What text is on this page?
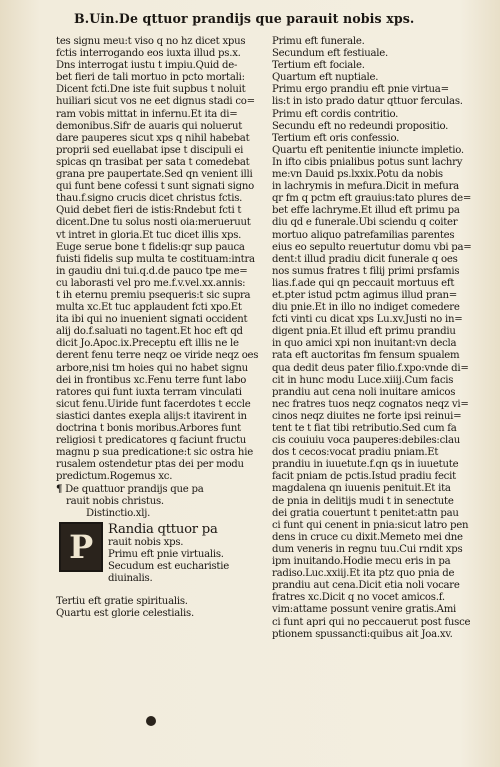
B.Uin.De qttuor prandijs que parauit nobis xps.
tes signu meu:t viso q no hz dicet xpus
fctis interrogando eos iuxta illud ps.x.
Dns interrogat iustu t impiu.Quid de-
bet fieri de tali mortuo in pcto mortali:
Dicent fcti.Dne iste fuit supbus t noluit
huiliari sicut vos ne eet dignus stadi co=
ram vobis mittat in infernu.Et ita di=
demonibus.Sifr de auaris qui noluerut
dare pauperes sicut xps q nihil habebat
proprii sed euellabat ipse t discipuli ei
spicas qn trasibat per sata t comedebat
grana pre paupertate.Sed qn venient illi
qui funt bene cofessi t sunt signati signo
thau.f.signo crucis dicet christus fctis.
Quid debet fieri de istis:Rndebut fcti t
dicent.Dne tu solus nosti oia:merueruut
vt intret in gloria.Et tuc dicet illis xps.
Euge serue bone t fidelis:qr sup pauca
fuisti fidelis sup multa te costituam:intra
in gaudiu dni tui.q.d.de pauco tpe me=
cu laborasti vel pro me.f.v.vel.xx.annis:
t ih eternu premiu psequeris:t sic supra
multa xc.Et tuc applaudent fcti xpo.Et
ita ibi qui no inuenient signati occident
alij do.f.saluati no tagent.Et hoc eft qd
dicit Jo.Apoc.ix.Preceptu eft illis ne le
derent fenu terre neqz oe viride neqz oes
arbore,nisi tm hoies qui no habet signu
dei in frontibus xc.Fenu terre funt labo
ratores qui funt iuxta terram vinculati
sicut fenu.Uiride funt facerdotes t eccle
siastici dantes exepla alijs:t itavirent in
doctrina t bonis moribus.Arbores funt
religiosi t predicatores q faciunt fructu
magnu p sua predicatione:t sic ostra hie
rusalem ostendetur ptas dei per modu
predictum.Rogemus xc.
¶ De quattuor prandijs que pa
rauit nobis christus.
Distinctio.xlj.
P Randia qttuor pa
rauit nobis xps.
Primu eft pnie virtualis.
Secudum est eucharistie
diuinalis.
Tertiu eft gratie spiritualis.
Quartu est glorie celestialis.
Primu eft funerale.
Secundum eft festiuale.
Tertium eft fociale.
Quartum eft nuptiale.
Primu ergo prandiu eft pnie virtua=
lis:t in isto prado datur qttuor ferculas.
Primu eft cordis contritio.
Secundu eft no redeundi propositio.
Tertium eft oris confessio.
Quartu eft penitentie iniuncte impletio.
In ifto cibis pnialibus potus sunt lachry
me:vn Dauid ps.lxxix.Potu da nobis
in lachrymis in mefura.Dicit in mefura
qr fm q pctm eft grauius:tato plures de=
bet effe lachryme.Et illud eft primu pa
diu qd e funerale.Ubi sciendu q coiter
mortuo aliquo patrefamilias parentes
eius eo sepulto reuertutur domu vbi pa=
dent:t illud pradiu dicit funerale q oes
nos sumus fratres t filij primi prsfamis
lias.f.ade qui qn peccauit mortuus eft
et.pter istud pctm agimus illud pran=
diu pnie.Et in illo no indiget comedere
fcti vinti cu dicat xps Lu.xv.Justi no in=
digent pnia.Et illud eft primu prandiu
in quo amici xpi non inuitant:vn decla
rata eft auctoritas fm fensum spualem
qua dedit deus pater filio.f.xpo:vnde di=
cit in hunc modu Luce.xiiij.Cum facis
prandiu aut cena noli inuitare amicos
nec fratres tuos neqz cognatos neqz vi=
cinos neqz diuites ne forte ipsi reinui=
tent te t fiat tibi retributio.Sed cum fa
cis couiuiu voca pauperes:debiles:clau
dos t cecos:vocat pradiu pniam.Et
prandiu in iuuetute.f.qn qs in iuuetute
facit pniam de pctis.Istud pradiu fecit
magdalena qn iuuenis penituit.Et ita
de pnia in delitijs mudi t in senectute
dei gratia couertunt t penitet:attn pau
ci funt qui cenent in pnia:sicut latro pen
dens in cruce cu dixit.Memeto mei dne
dum veneris in regnu tuu.Cui rndit xps
ipm inuitando.Hodie mecu eris in pa
radiso.Luc.xxiij.Et ita ptz quo pnia de
prandiu aut cena.Dicit etia noli vocare
fratres xc.Dicit q no vocet amicos.f.
vim:attame possunt venire gratis.Ami
ci funt apri qui no peccauerut post fusce
ptionem spussancti:quibus ait Joa.xv.
